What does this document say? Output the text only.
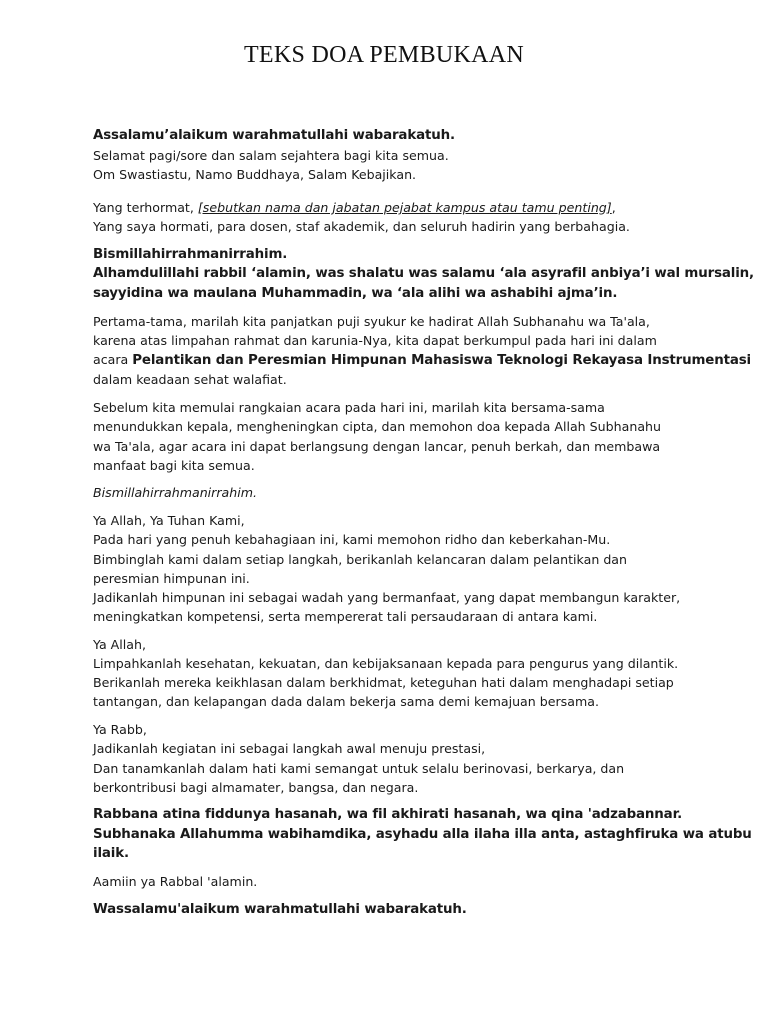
TEKS DOA PEMBUKAAN
Assalamu’alaikum warahmatullahi wabarakatuh.
Selamat pagi/sore dan salam sejahtera bagi kita semua.
Om Swastiastu, Namo Buddhaya, Salam Kebajikan.
Yang terhormat, [sebutkan nama dan jabatan pejabat kampus atau tamu penting],
Yang saya hormati, para dosen, staf akademik, dan seluruh hadirin yang berbahagia.
Bismillahirrahmanirrahim.
Alhamdulillahi rabbil ‘alamin, was shalatu was salamu ‘ala asyrafil anbiya’i wal mursalin,
sayyidina wa maulana Muhammadin, wa ‘ala alihi wa ashabihi ajma’in.
Pertama-tama, marilah kita panjatkan puji syukur ke hadirat Allah Subhanahu wa Ta'ala,
karena atas limpahan rahmat dan karunia-Nya, kita dapat berkumpul pada hari ini dalam
acara Pelantikan dan Peresmian Himpunan Mahasiswa Teknologi Rekayasa Instrumentasi
dalam keadaan sehat walafiat.
Sebelum kita memulai rangkaian acara pada hari ini, marilah kita bersama-sama
menundukkan kepala, mengheningkan cipta, dan memohon doa kepada Allah Subhanahu
wa Ta'ala, agar acara ini dapat berlangsung dengan lancar, penuh berkah, dan membawa
manfaat bagi kita semua.
Bismillahirrahmanirrahim.
Ya Allah, Ya Tuhan Kami,
Pada hari yang penuh kebahagiaan ini, kami memohon ridho dan keberkahan-Mu.
Bimbinglah kami dalam setiap langkah, berikanlah kelancaran dalam pelantikan dan
peresmian himpunan ini.
Jadikanlah himpunan ini sebagai wadah yang bermanfaat, yang dapat membangun karakter,
meningkatkan kompetensi, serta mempererat tali persaudaraan di antara kami.
Ya Allah,
Limpahkanlah kesehatan, kekuatan, dan kebijaksanaan kepada para pengurus yang dilantik.
Berikanlah mereka keikhlasan dalam berkhidmat, keteguhan hati dalam menghadapi setiap
tantangan, dan kelapangan dada dalam bekerja sama demi kemajuan bersama.
Ya Rabb,
Jadikanlah kegiatan ini sebagai langkah awal menuju prestasi,
Dan tanamkanlah dalam hati kami semangat untuk selalu berinovasi, berkarya, dan
berkontribusi bagi almamater, bangsa, dan negara.
Rabbana atina fiddunya hasanah, wa fil akhirati hasanah, wa qina 'adzabannar.
Subhanaka Allahumma wabihamdika, asyhadu alla ilaha illa anta, astaghfiruka wa atubu
ilaik.
Aamiin ya Rabbal 'alamin.
Wassalamu'alaikum warahmatullahi wabarakatuh.
